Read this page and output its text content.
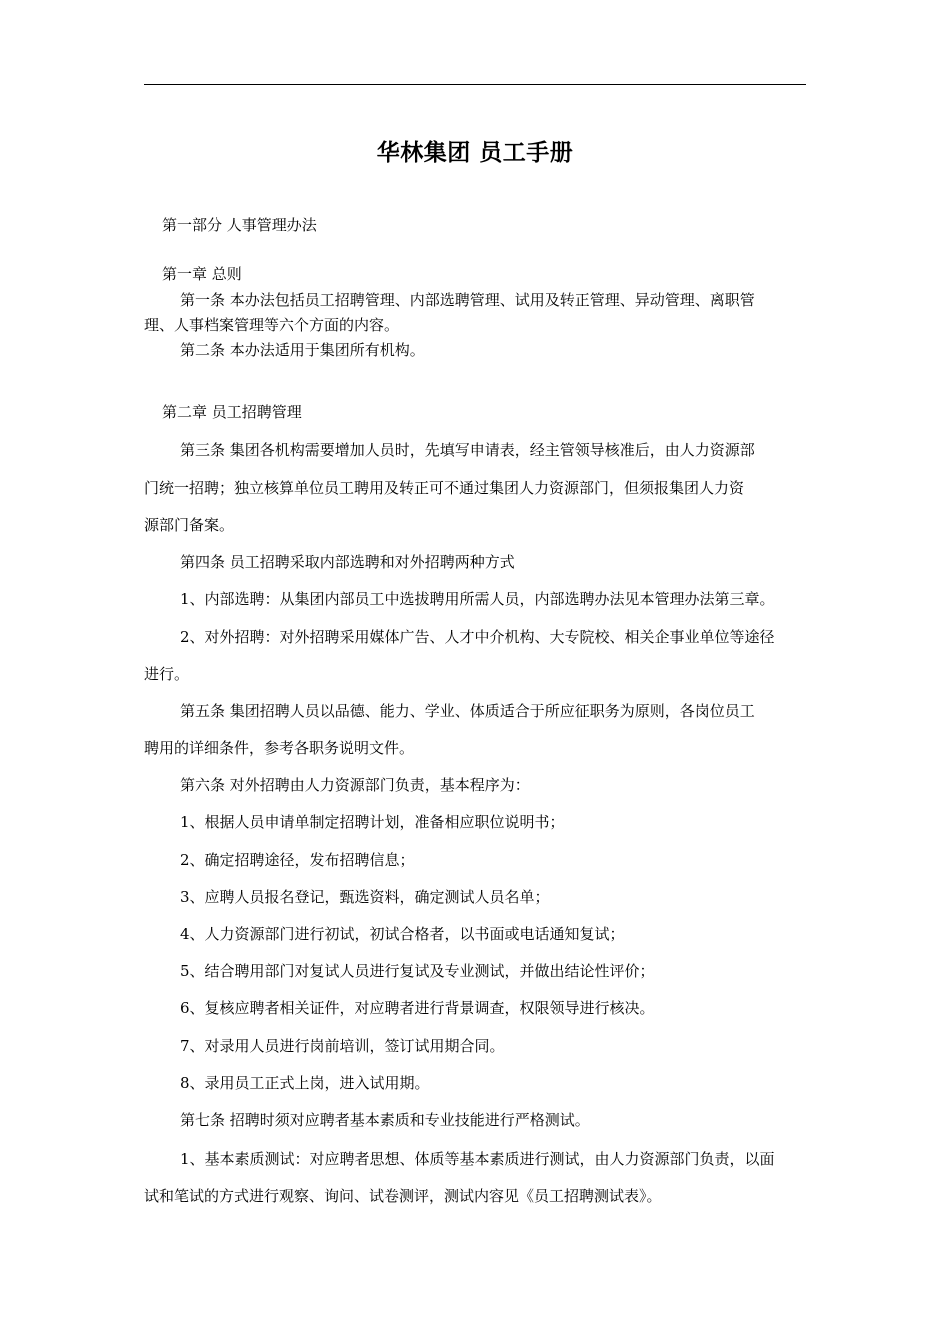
华林集团 员工手册
第一部分 人事管理办法
第一章 总则
第一条 本办法包括员工招聘管理、内部选聘管理、试用及转正管理、异动管理、离职管
理、人事档案管理等六个方面的内容。
第二条 本办法适用于集团所有机构。
第二章 员工招聘管理
第三条 集团各机构需要增加人员时，先填写申请表，经主管领导核准后，由人力资源部
门统一招聘；独立核算单位员工聘用及转正可不通过集团人力资源部门，但须报集团人力资
源部门备案。
第四条 员工招聘采取内部选聘和对外招聘两种方式
1、内部选聘：从集团内部员工中选拔聘用所需人员，内部选聘办法见本管理办法第三章。
2、对外招聘：对外招聘采用媒体广告、人才中介机构、大专院校、相关企事业单位等途径
进行。
第五条 集团招聘人员以品德、能力、学业、体质适合于所应征职务为原则，各岗位员工
聘用的详细条件，参考各职务说明文件。
第六条 对外招聘由人力资源部门负责，基本程序为：
1、根据人员申请单制定招聘计划，准备相应职位说明书；
2、确定招聘途径，发布招聘信息；
3、应聘人员报名登记，甄选资料，确定测试人员名单；
4、人力资源部门进行初试，初试合格者，以书面或电话通知复试；
5、结合聘用部门对复试人员进行复试及专业测试，并做出结论性评价；
6、复核应聘者相关证件，对应聘者进行背景调查，权限领导进行核决。
7、对录用人员进行岗前培训，签订试用期合同。
8、录用员工正式上岗，进入试用期。
第七条 招聘时须对应聘者基本素质和专业技能进行严格测试。
1、基本素质测试：对应聘者思想、体质等基本素质进行测试，由人力资源部门负责，以面
试和笔试的方式进行观察、询问、试卷测评，测试内容见《员工招聘测试表》。
